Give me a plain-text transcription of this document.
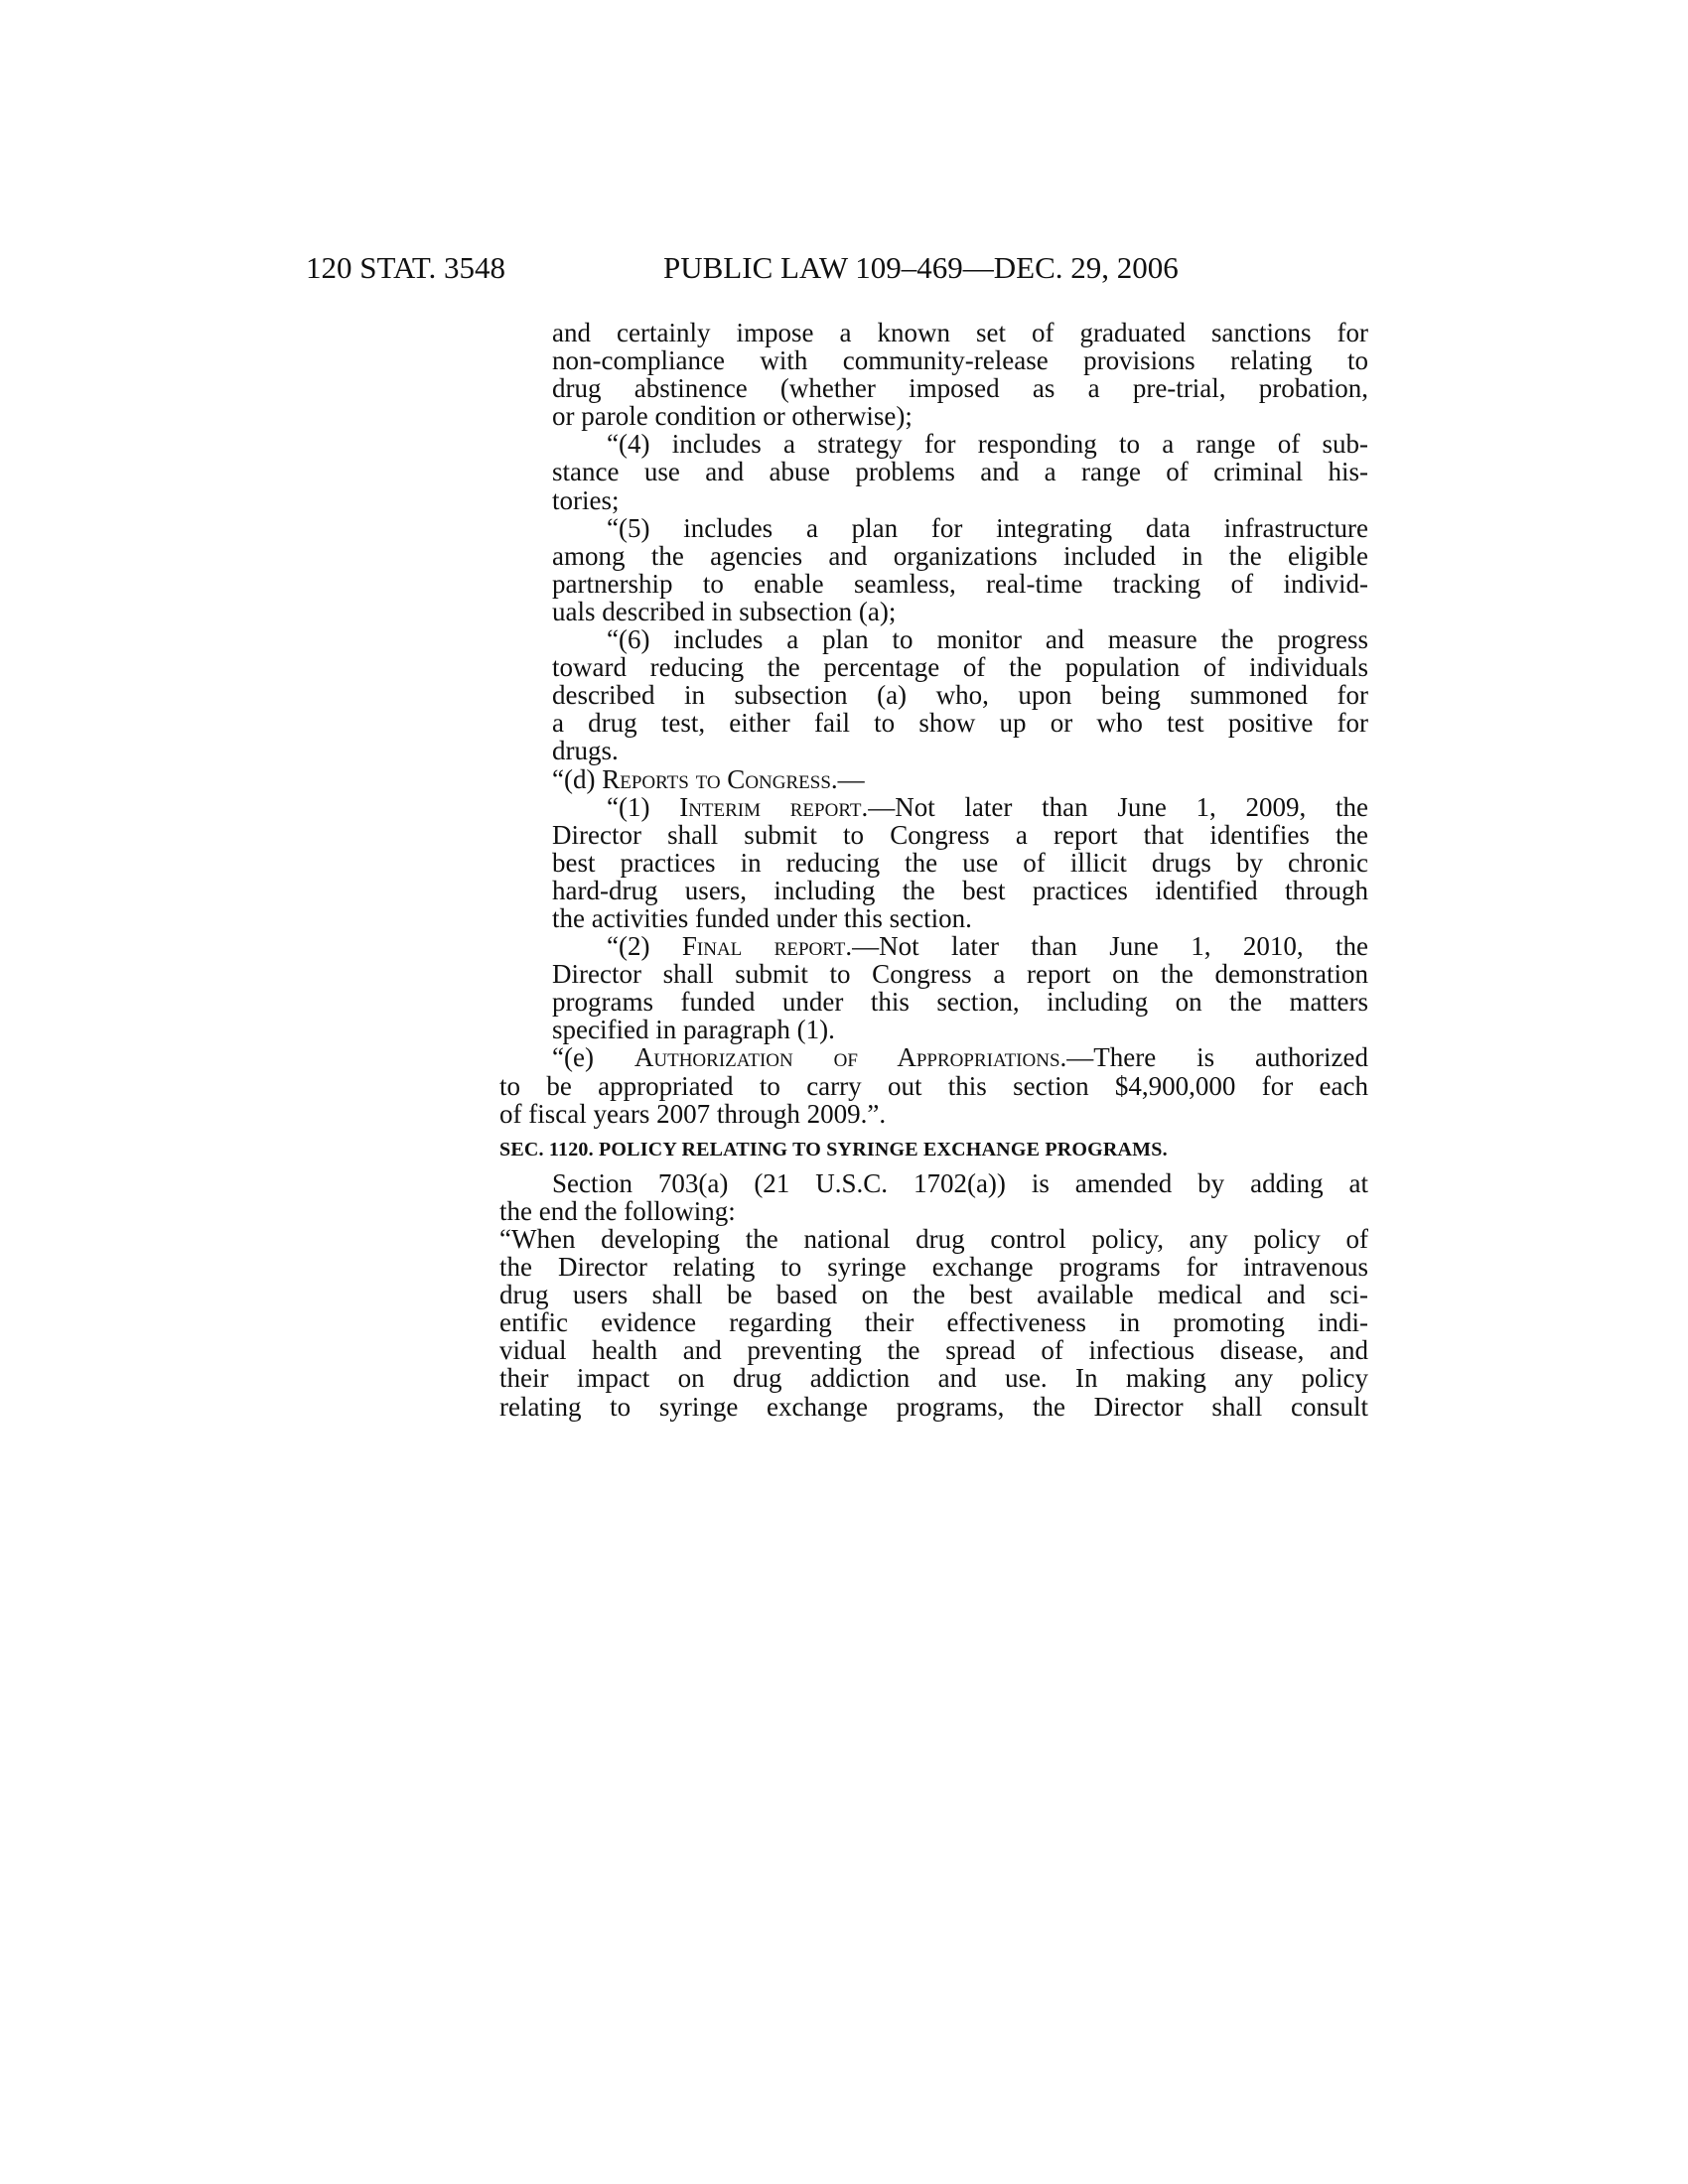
120 STAT. 3548	PUBLIC LAW 109–469—DEC. 29, 2006
and certainly impose a known set of graduated sanctions for
non-compliance with community-release provisions relating to
drug abstinence (whether imposed as a pre-trial, probation,
or parole condition or otherwise);
“(4) includes a strategy for responding to a range of sub-
stance use and abuse problems and a range of criminal his-
tories;
“(5) includes a plan for integrating data infrastructure
among the agencies and organizations included in the eligible
partnership to enable seamless, real-time tracking of individ-
uals described in subsection (a);
“(6) includes a plan to monitor and measure the progress
toward reducing the percentage of the population of individuals
described in subsection (a) who, upon being summoned for
a drug test, either fail to show up or who test positive for
drugs.
“(d) Reports to Congress.—
“(1) Interim report.—Not later than June 1, 2009, the
Director shall submit to Congress a report that identifies the
best practices in reducing the use of illicit drugs by chronic
hard-drug users, including the best practices identified through
the activities funded under this section.
“(2) Final report.—Not later than June 1, 2010, the
Director shall submit to Congress a report on the demonstration
programs funded under this section, including on the matters
specified in paragraph (1).
“(e) Authorization of Appropriations.—There is authorized
to be appropriated to carry out this section $4,900,000 for each
of fiscal years 2007 through 2009.”.
SEC. 1120. POLICY RELATING TO SYRINGE EXCHANGE PROGRAMS.
Section 703(a) (21 U.S.C. 1702(a)) is amended by adding at
the end the following:
“When developing the national drug control policy, any policy of
the Director relating to syringe exchange programs for intravenous
drug users shall be based on the best available medical and sci-
entific evidence regarding their effectiveness in promoting indi-
vidual health and preventing the spread of infectious disease, and
their impact on drug addiction and use. In making any policy
relating to syringe exchange programs, the Director shall consult
